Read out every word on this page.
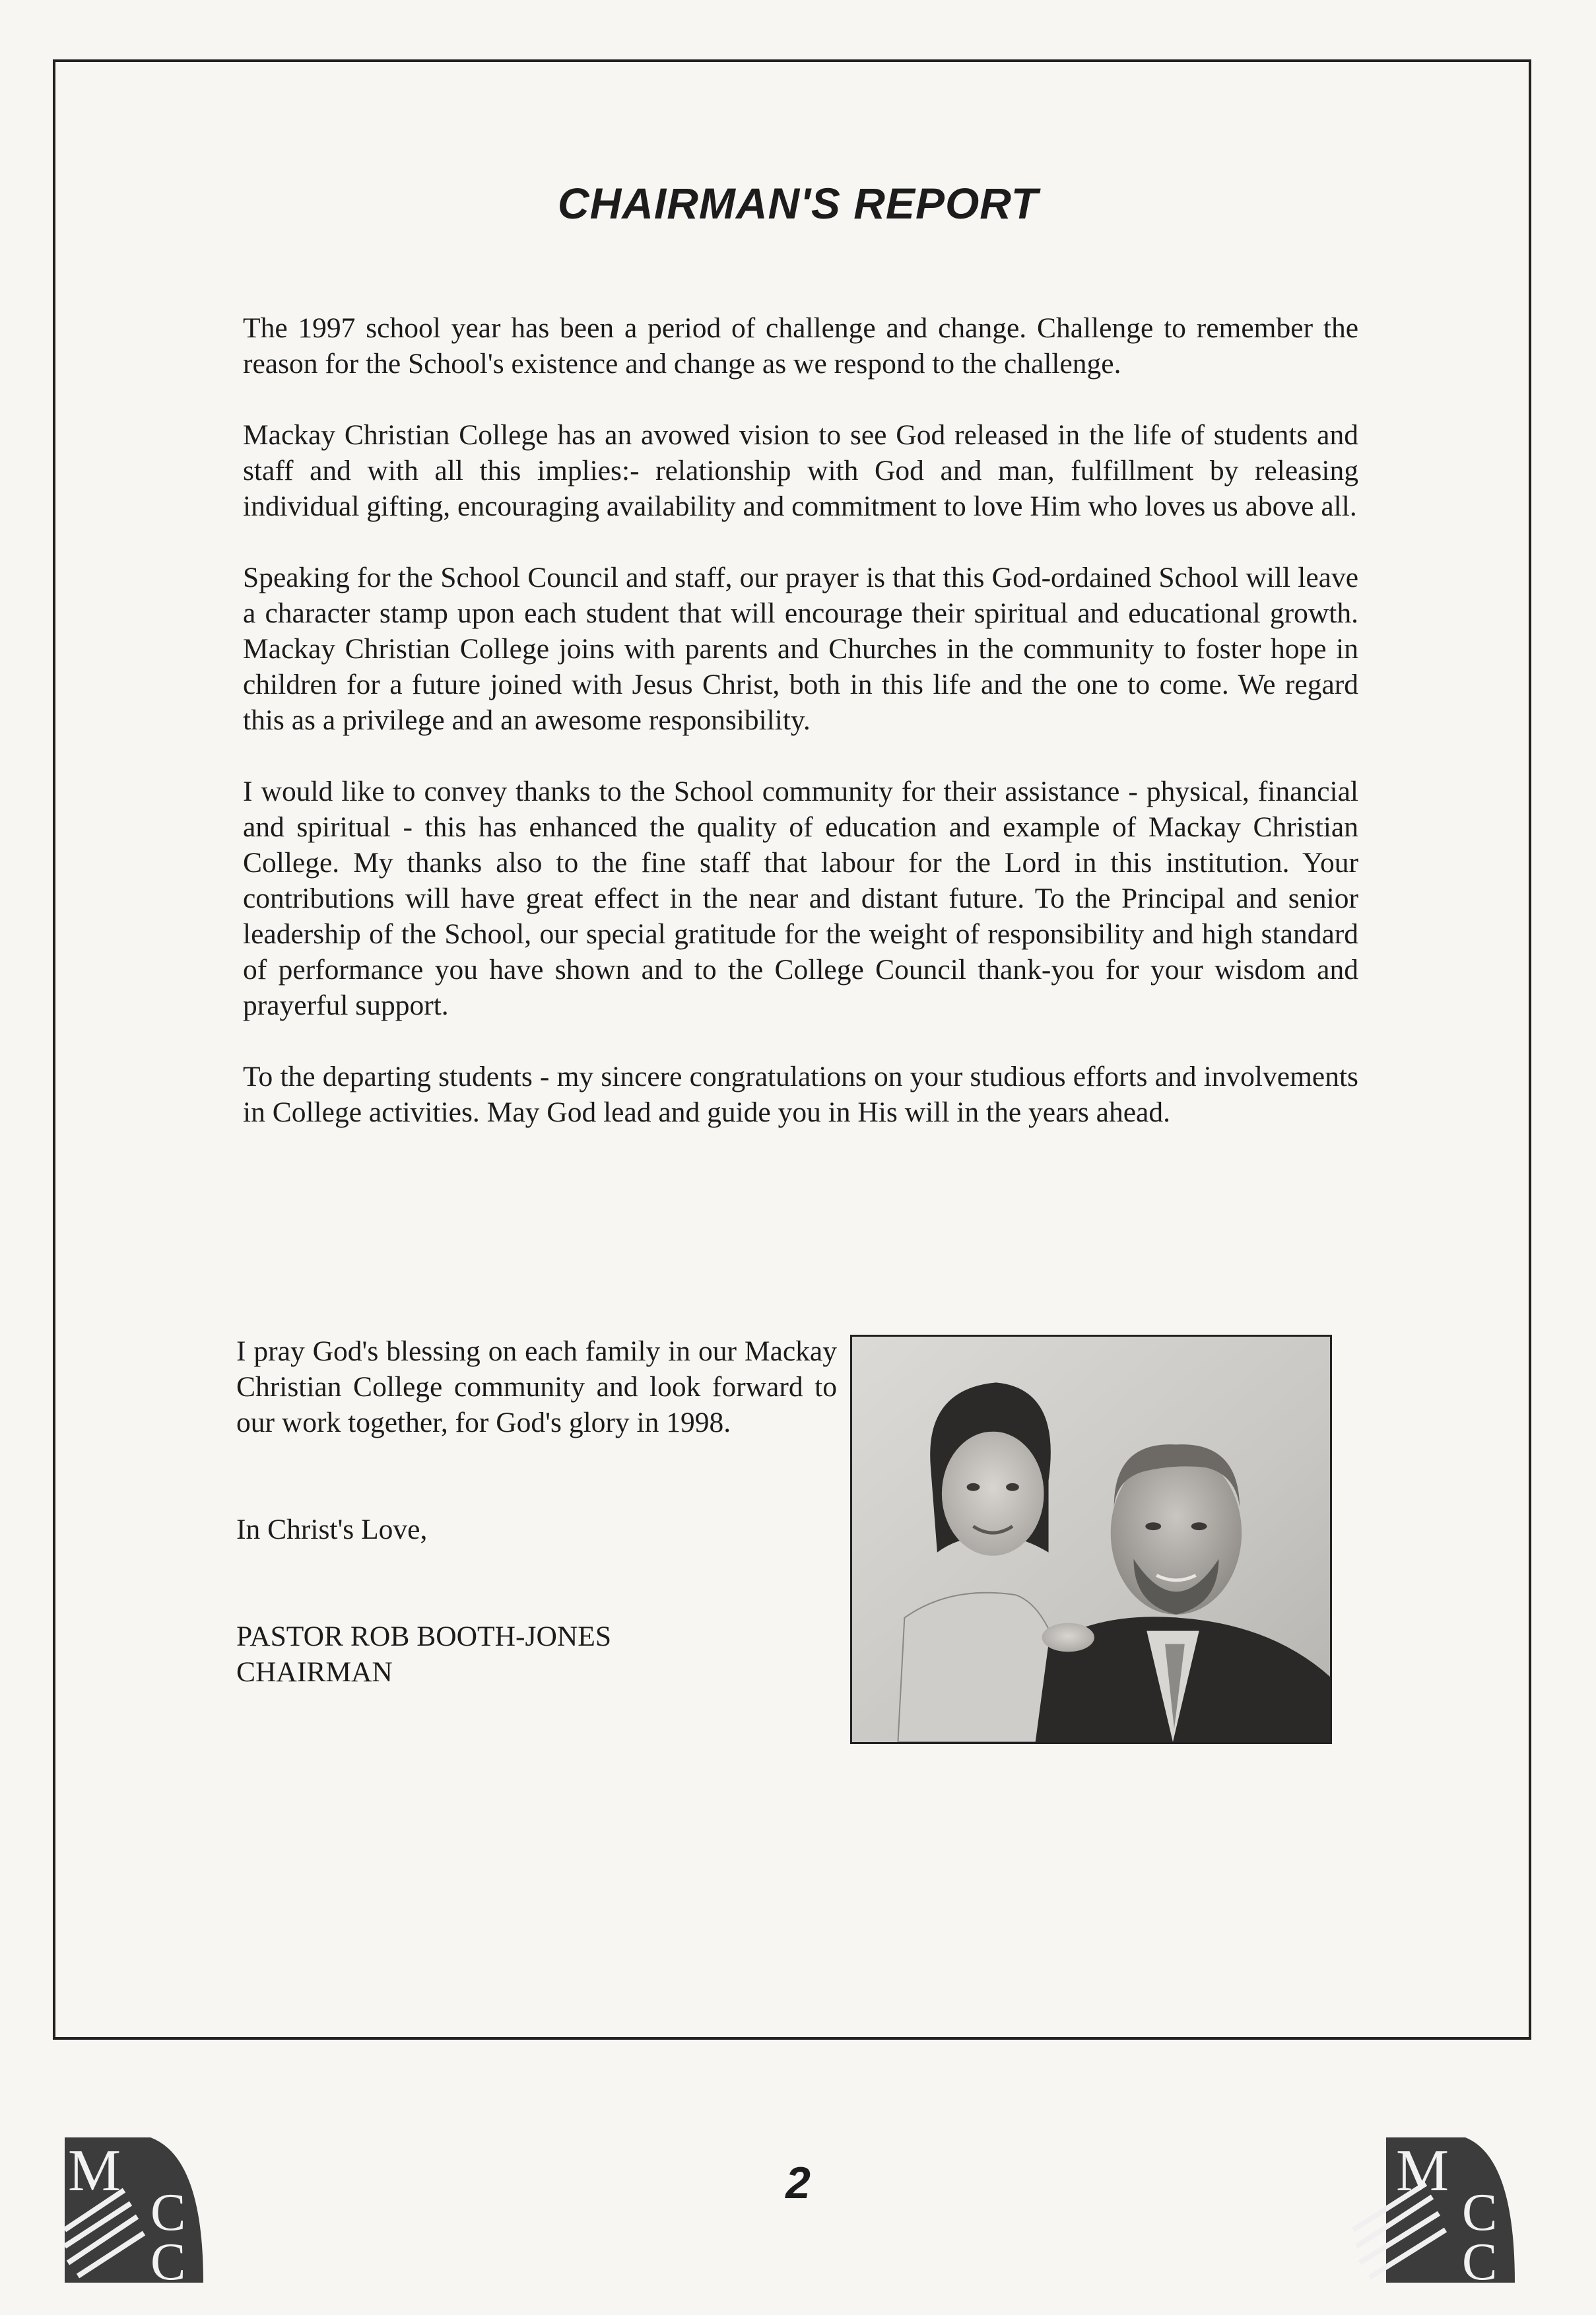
CHAIRMAN'S REPORT

The 1997 school year has been a period of challenge and change. Challenge to remember the reason for the School's existence and change as we respond to the challenge.

Mackay Christian College has an avowed vision to see God released in the life of students and staff and with all this implies:- relationship with God and man, fulfillment by releasing individual gifting, encouraging availability and commitment to love Him who loves us above all.

Speaking for the School Council and staff, our prayer is that this God-ordained School will leave a character stamp upon each student that will encourage their spiritual and educational growth. Mackay Christian College joins with parents and Churches in the community to foster hope in children for a future joined with Jesus Christ, both in this life and the one to come. We regard this as a privilege and an awesome responsibility.

I would like to convey thanks to the School community for their assistance - physical, financial and spiritual - this has enhanced the quality of education and example of Mackay Christian College. My thanks also to the fine staff that labour for the Lord in this institution. Your contributions will have great effect in the near and distant future. To the Principal and senior leadership of the School, our special gratitude for the weight of responsibility and high standard of performance you have shown and to the College Council thank-you for your wisdom and prayerful support.

To the departing students - my sincere congratulations on your studious efforts and involvements in College activities. May God lead and guide you in His will in the years ahead.

I pray God's blessing on each family in our Mackay Christian College community and look forward to our work together, for God's glory in 1998.

In Christ's Love,

PASTOR ROB BOOTH-JONES
CHAIRMAN
M
C
C

2	M
C
C
